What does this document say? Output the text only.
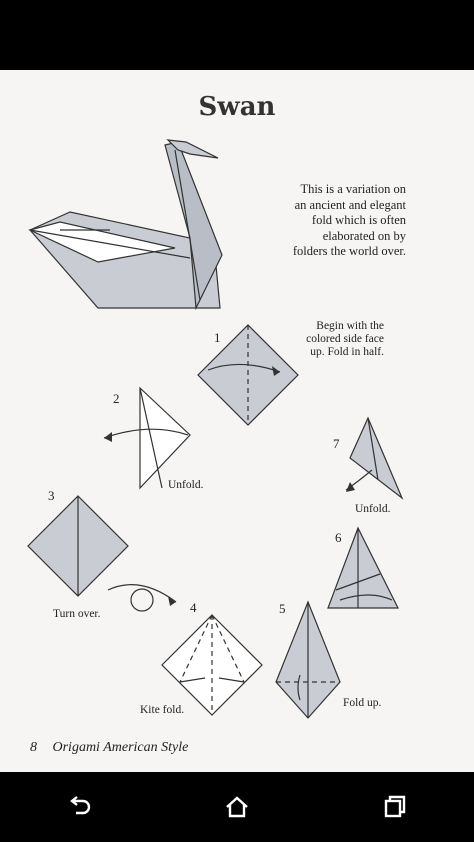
Swan

This is a variation on
an ancient and elegant
fold which is often
elaborated on by
folders the world over.

1

Begin with the
colored side face
up. Fold in half.

2

Unfold.

3

Turn over.	4

Kite fold.

5

Fold up.

6
7

Unfold.

8 Origami American Style
